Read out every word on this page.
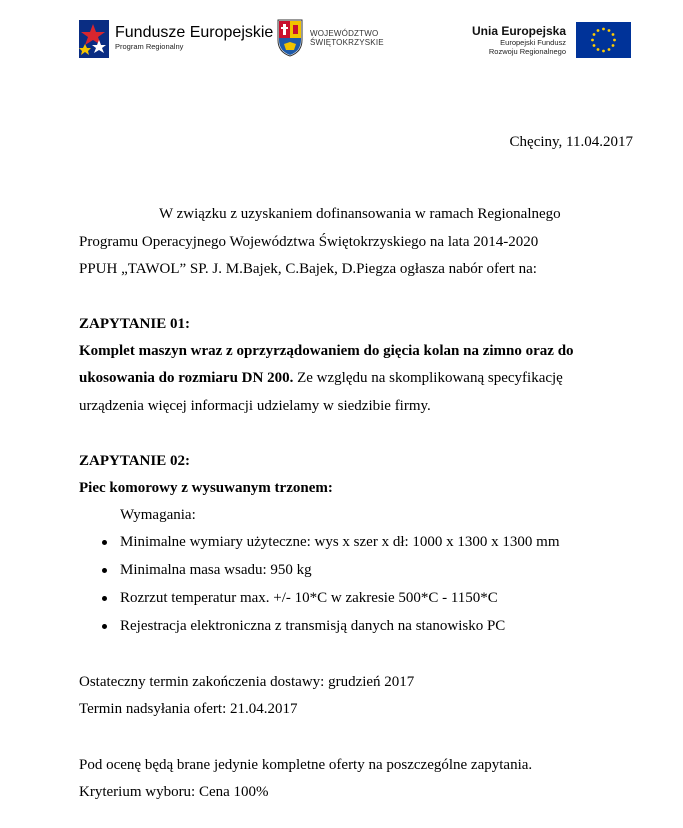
Fundusze Europejskie
Program Regionalny
WOJEWÓDZTWO
ŚWIĘTOKRZYSKIE
Unia Europejska
Europejski Fundusz
Rozwoju Regionalnego
Chęciny, 11.04.2017
W związku z uzyskaniem dofinansowania w ramach Regionalnego
Programu Operacyjnego Województwa Świętokrzyskiego na lata 2014-2020
PPUH „TAWOL” SP. J. M.Bajek, C.Bajek, D.Piegza ogłasza nabór ofert na:
ZAPYTANIE 01:
Komplet maszyn wraz z oprzyrządowaniem do gięcia kolan na zimno oraz do
ukosowania do rozmiaru DN 200. Ze względu na skomplikowaną specyfikację
urządzenia więcej informacji udzielamy w siedzibie firmy.
ZAPYTANIE 02:
Piec komorowy z wysuwanym trzonem:
Wymagania:
Minimalne wymiary użyteczne: wys x szer x dł: 1000 x 1300 x 1300 mm
Minimalna masa wsadu: 950 kg
Rozrzut temperatur max. +/- 10*C w zakresie 500*C - 1150*C
Rejestracja elektroniczna z transmisją danych na stanowisko PC
Ostateczny termin zakończenia dostawy: grudzień 2017
Termin nadsyłania ofert: 21.04.2017
Pod ocenę będą brane jedynie kompletne oferty na poszczególne zapytania.
Kryterium wyboru: Cena 100%
